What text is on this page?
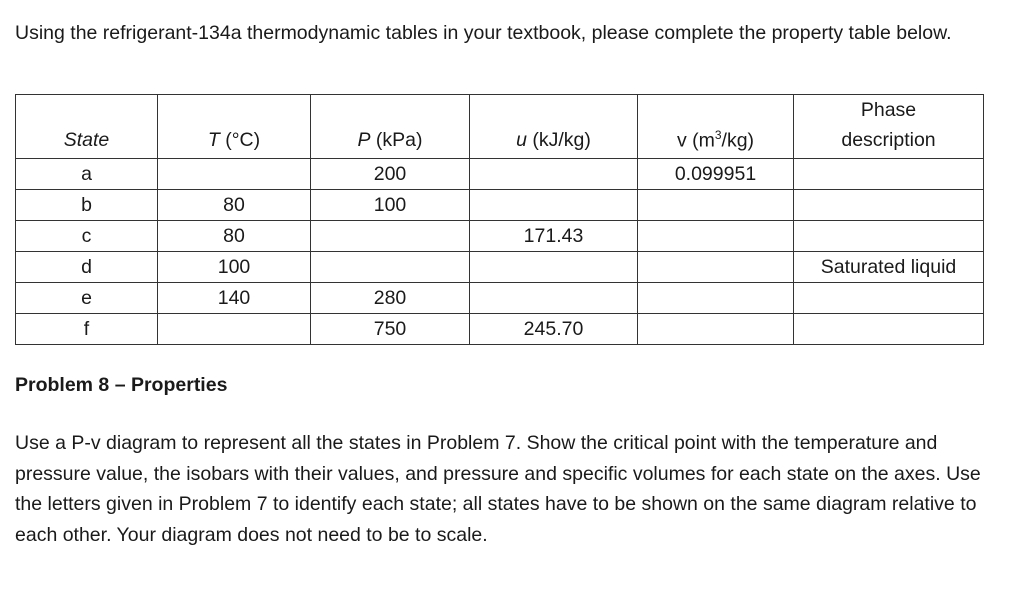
Using the refrigerant-134a thermodynamic tables in your textbook, please complete the property table below.

State	T (°C)	P (kPa)	u (kJ/kg)	v $(m^3/kg)$	Phase
description
a		200		0.099951	
b	80	100			
c	80		171.43		
d	100				Saturated liquid
e	140	280			
f		750	245.70		

Problem 8 – Properties

Use a P-v diagram to represent all the states in Problem 7. Show the critical point with the temperature and pressure value, the isobars with their values, and pressure and specific volumes for each state on the axes. Use the letters given in Problem 7 to identify each state; all states have to be shown on the same diagram relative to each other. Your diagram does not need to be to scale.
